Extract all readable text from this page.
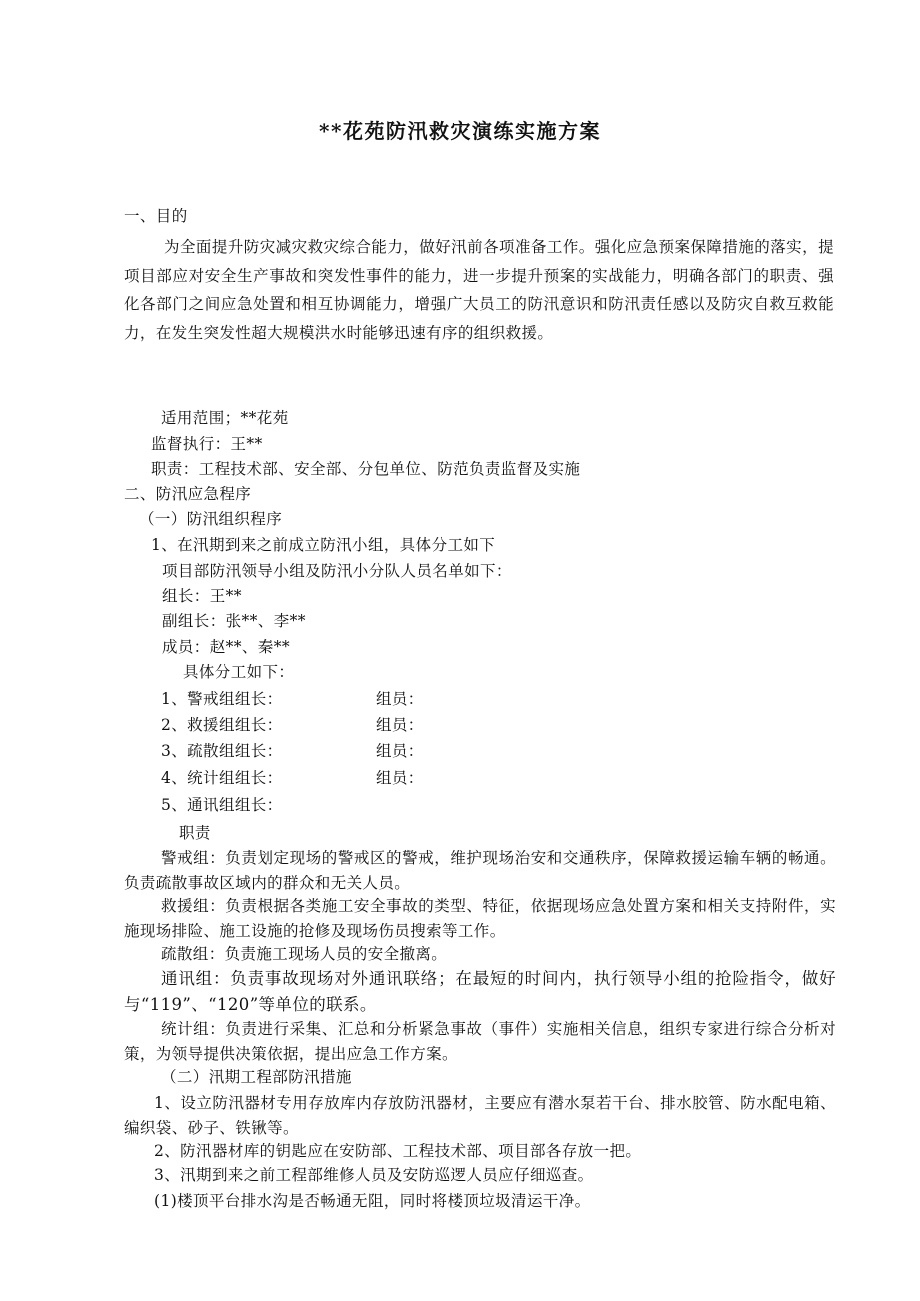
**花苑防汛救灾演练实施方案

一、目的

为全面提升防灾减灾救灾综合能力，做好汛前各项准备工作。强化应急预案保障措施的落实，提项目部应对安全生产事故和突发性事件的能力，进一步提升预案的实战能力，明确各部门的职责、强化各部门之间应急处置和相互协调能力，增强广大员工的防汛意识和防汛责任感以及防灾自救互救能力，在发生突发性超大规模洪水时能够迅速有序的组织救援。

适用范围；**花苑

监督执行：王**

职责：工程技术部、安全部、分包单位、防范负责监督及实施

二、防汛应急程序

（一）防汛组织程序

1、在汛期到来之前成立防汛小组，具体分工如下

项目部防汛领导小组及防汛小分队人员名单如下：

组长：王**

副组长：张**、李**

成员：赵**、秦**

具体分工如下：

1、警戒组组长：	组员：

2、救援组组长：	组员：

3、疏散组组长：	组员：

4、统计组组长：	组员：

5、通讯组组长：

职责

警戒组：负责划定现场的警戒区的警戒，维护现场治安和交通秩序，保障救援运输车辆的畅通。负责疏散事故区域内的群众和无关人员。

救援组：负责根据各类施工安全事故的类型、特征，依据现场应急处置方案和相关支持附件，实施现场排险、施工设施的抢修及现场伤员搜索等工作。

疏散组：负责施工现场人员的安全撤离。

通讯组：负责事故现场对外通讯联络；在最短的时间内，执行领导小组的抢险指令，做好与“119”、“120”等单位的联系。

统计组：负责进行采集、汇总和分析紧急事故（事件）实施相关信息，组织专家进行综合分析对策，为领导提供决策依据，提出应急工作方案。

（二）汛期工程部防汛措施

1、设立防汛器材专用存放库内存放防汛器材，主要应有潜水泵若干台、排水胶管、防水配电箱、编织袋、砂子、铁锹等。

2、防汛器材库的钥匙应在安防部、工程技术部、项目部各存放一把。

3、汛期到来之前工程部维修人员及安防巡逻人员应仔细巡查。

(1)楼顶平台排水沟是否畅通无阻，同时将楼顶垃圾清运干净。
